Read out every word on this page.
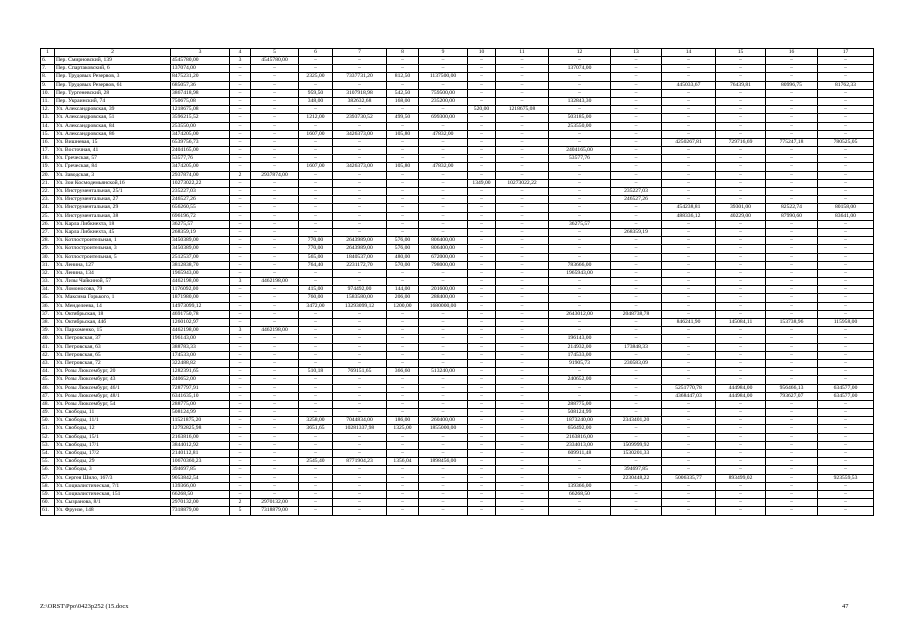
1	2	3	4	5	6	7	8	9	10	11	12	13	14	15	16	17
6.	Пер. Смирновский, 139	4545780,00	3	4545780,00	–	–	–	–	–	–	–	–	–	–	–	–
7.	Пер. Спартаковский, 6	137074,00	–	–	–	–	–	–	–	–	137074,00	–	–	–	–	–
8.	Пер. Трудовых Резервов, 3	8475231,20	–	–	2325,00	7337731,20	812,50	1137500,00	–	–	–	–	–	–	–	–
9.	Пер. Трудовых Резервов, 61	685057,36	–	–	–	–	–	–	–	–	–	–	445033,67	76439,81	80996,75	81762,33
10.	Пер. Тургеневский, 28	3867418,98	–	–	959,50	3107918,98	542,50	759500,00	–	–	–	–	–	–	–	–
11.	Пер. Украинский, 74	750675,08	–	–	348,00	382632,68	168,00	235200,00	–	–	132843,30	–	–	–	–	–
12.	Ул. Александровская, 39	1218675,08	–	–	–	–	–	–	520,00	1218675,08	–	–	–	–	–	–
13.	Ул. Александровская, 51	3596215,52	–	–	1212,00	2393730,52	499,50	699300,00	–	–	503185,00	–	–	–	–	–
14.	Ул. Александровская, 84	253550,00	–	–	–	–	–	–	–	–	253550,00	–	–	–	–	–
15.	Ул. Александровская, 86	3474205,00	–	–	1607,00	3426373,00	105,80	47832,00	–	–	–	–	–	–	–	–
16.	Ул. Вишневая, 15	6539756,73	–	–	–	–	–	–	–	–	–	–	4250267,81	729716,69	775247,18	780525,05
17.	Ул. Восточная, 41	2404165,00	–	–	–	–	–	–	–	–	2404165,00	–	–	–	–	–
18.	Ул. Греческая, 57	53577,76	–	–	–	–	–	–	–	–	53577,76	–	–	–	–	–
19.	Ул. Греческая, 84	3474205,00	–	–	1607,00	3426373,00	105,80	47832,00	–	–	–	–	–	–	–	–
20.	Ул. Заводская, 3	2937874,00	2	2937874,00	–	–	–	–	–	–	–	–	–	–	–	–
21.	Ул. Зои Космодемьянской,16	10273022,22	–	–	–	–	–	–	1349,00	10273022,22	–	–	–	–	–	–
22.	Ул. Инструментальная, 25/1	235227,03	–	–	–	–	–	–	–	–	–	235227,03	–	–	–	–
23.	Ул. Инструментальная, 27	246527,26	–	–	–	–	–	–	–	–	–	246527,26	–	–	–	–
24.	Ул. Инструментальная, 29	656260,55	–	–	–	–	–	–	–	–	–	–	454238,81	39301,00	82522,74	80158,00
25.	Ул. Инструментальная, 38	696196,72	–	–	–	–	–	–	–	–	–	–	488336,12	40229,00	87990,60	83641,00
26.	Ул. Карла Либкнехта, 18	36275,57	–	–	–	–	–	–	–	–	36275,57	–	–	–	–	–
27.	Ул. Карла Либкнехта, 45	268359,19	–	–	–	–	–	–	–	–	–	268359,19	–	–	–	–
28.	Ул. Котлостроительная, 1	3450389,00	–	–	770,00	2643989,00	576,00	806400,00	–	–	–	–	–	–	–	–
29.	Ул. Котлостроительная, 3	3450389,00	–	–	770,00	2643989,00	576,00	806400,00	–	–	–	–	–	–	–	–
30.	Ул. Котлостроительная, 5	2512537,00	–	–	565,00	1840537,00	480,00	672000,00	–	–	–	–	–	–	–	–
31.	Ул. Ленина, 127	3812838,70	–	–	764,40	2231172,70	570,00	798000,00	–	–	783666,00	–	–	–	–	–
32.	Ул. Ленина, 134	1965943,00	–	–	–	–	–	–	–	–	1965943,00	–	–	–	–	–
33.	Ул. Лизы Чайкиной, 57	4462198,00	3	4462198,00	–	–	–	–	–	–	–	–	–	–	–	–
34.	Ул. Ломоносова, 79	1176092,00	–	–	415,00	974492,00	144,00	201600,00	–	–	–	–	–	–	–	–
35.	Ул. Максима Горького, 1	1871980,00	–	–	760,00	1583580,00	206,00	288400,00	–	–	–	–	–	–	–	–
36.	Ул. Менделеева, 14	14973099,12	–	–	3472,00	13293099,12	1200,00	1680000,00	–	–	–	–	–	–	–	–
37.	Ул. Октябрьская, 18	4691750,78	–	–	–	–	–	–	–	–	2643012,00	2048738,78	–	–	–	–
38.	Ул. Октябрьская, 44б	1260102,97	–	–	–	–	–	–	–	–	–	–	846241,90	145084,11	153738,96	115958,00
39.	Ул. Пархоменко, 15	4462198,00	3	4462198,00	–	–	–	–	–	–	–	–	–	–	–	–
40.	Ул. Петровская, 37	196143,00	–	–	–	–	–	–	–	–	196143,00	–	–	–	–	–
41.	Ул. Петровская, 63	388783,33	–	–	–	–	–	–	–	–	214932,00	173848,33	–	–	–	–
42.	Ул. Петровская, 65	174533,00	–	–	–	–	–	–	–	–	174533,00	–	–	–	–	–
43.	Ул. Петровская, 72	322488,82	–	–	–	–	–	–	–	–	91905,73	230583,09	–	–	–	–
44.	Ул. Розы Люксембург, 20	1282391,65	–	–	510,18	769151,65	366,60	513240,00	–	–	–	–	–	–	–	–
45.	Ул. Розы Люксембург, 43	240652,00	–	–	–	–	–	–	–	–	240652,00	–	–	–	–	–
46.	Ул. Розы Люксембург, 46/1	7287797,91	–	–	–	–	–	–	–	–	–	–	5251770,78	444984,00	956466,13	634577,00
47.	Ул. Розы Люксембург, 48/1	6341635,10	–	–	–	–	–	–	–	–	–	–	4368447,03	444984,00	793627,07	634577,00
48.	Ул. Розы Люксембург, 54	288775,00	–	–	–	–	–	–	–	–	288775,00	–	–	–	–	–
49.	Ул. Свободы, 11	508124,99	–	–	–	–	–	–	–	–	508124,99	–	–	–	–	–
50.	Ул. Свободы, 11/1	11521875,20	–	–	3258,00	7044834,00	186,00	260400,00	–	–	1873240,00	2343401,20	–	–	–	–
51.	Ул. Свободы, 12	12792825,98	–	–	3651,65	10281337,98	1325,00	1855000,00	–	–	656492,00	–	–	–	–	–
52.	Ул. Свободы, 15/1	2163816,00	–	–	–	–	–	–	–	–	2163816,00	–	–	–	–	–
53.	Ул. Свободы, 17/1	3844012,92	–	–	–	–	–	–	–	–	2334013,00	1509999,92	–	–	–	–
54.	Ул. Свободы, 17/2	2140112,81	–	–	–	–	–	–	–	–	609911,48	1530201,33	–	–	–	–
55.	Ул. Свободы, 29	10670360,23	–	–	2545,40	8771904,23	1356,04	1898456,00	–	–	–	–	–	–	–	–
56.	Ул. Свободы, 3	394697,85	–	–	–	–	–	–	–	–	–	394697,85	–	–	–	–
57.	Ул. Сергея Шило, 167/3	9053842,54	–	–	–	–	–	–	–	–	–	2230448,22	5006335,77	893499,02	–	923559,53
58.	Ул. Социалистическая, 7/1	139366,00	–	–	–	–	–	–	–	–	139366,00	–	–	–	–	–
59.	Ул. Социалистическая, 151	66268,50	–	–	–	–	–	–	–	–	66268,50	–	–	–	–	–
60.	Ул. Сызранова, 8/1	2970132,00	2	2970132,00	–	–	–	–	–	–	–	–	–	–	–	–
61.	Ул. Фрунзе, 148	7318879,00	5	7318879,00	–	–	–	–	–	–	–	–	–	–	–	–
Z:\ORST\Ppo\0423p252 (15.docx	47
